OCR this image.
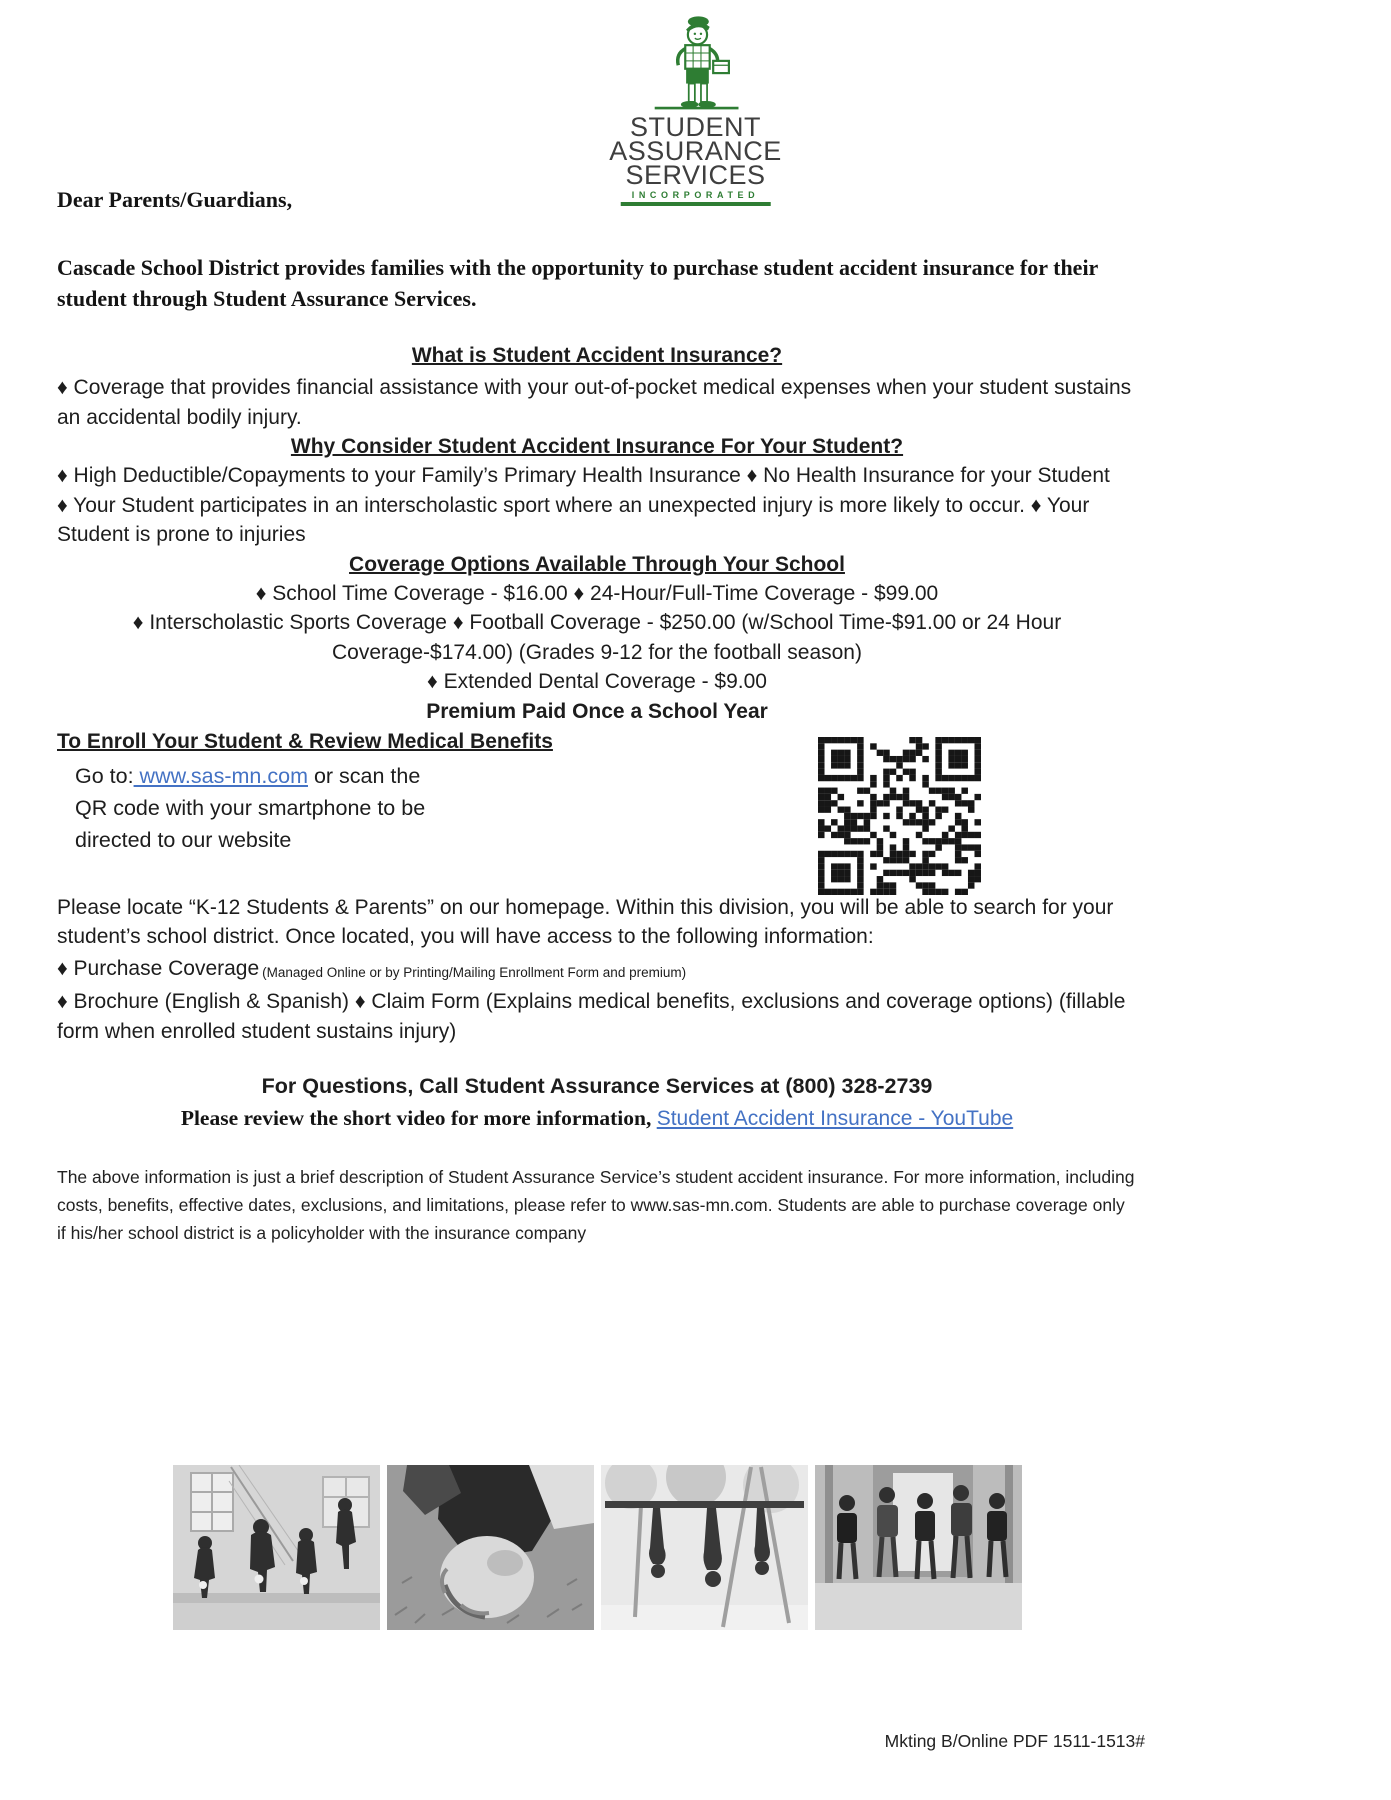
STUDENT
ASSURANCE
SERVICES
INCORPORATED

Dear Parents/Guardians,

Cascade School District provides families with the opportunity to purchase student accident insurance for their student through Student Assurance Services.

What is Student Accident Insurance?

♦ Coverage that provides financial assistance with your out-of-pocket medical expenses when your student sustains an accidental bodily injury.

Why Consider Student Accident Insurance For Your Student?

♦ High Deductible/Copayments to your Family’s Primary Health Insurance ♦ No Health Insurance for your Student

♦ Your Student participates in an interscholastic sport where an unexpected injury is more likely to occur. ♦ Your Student is prone to injuries

Coverage Options Available Through Your School

♦ School Time Coverage - $16.00 ♦ 24-Hour/Full-Time Coverage - $99.00

♦ Interscholastic Sports Coverage ♦ Football Coverage - $250.00 (w/School Time-$91.00 or 24 Hour Coverage-$174.00) (Grades 9-12 for the football season)

♦ Extended Dental Coverage - $9.00

Premium Paid Once a School Year

To Enroll Your Student & Review Medical Benefits

Go to: www.sas-mn.com or scan the
QR code with your smartphone to be
directed to our website

Please locate “K-12 Students & Parents” on our homepage. Within this division, you will be able to search for your student’s school district. Once located, you will have access to the following information:

♦ Purchase Coverage (Managed Online or by Printing/Mailing Enrollment Form and premium)

♦ Brochure (English & Spanish) ♦ Claim Form (Explains medical benefits, exclusions and coverage options) (fillable form when enrolled student sustains injury)

For Questions, Call Student Assurance Services at (800) 328-2739

Please review the short video for more information, Student Accident Insurance - YouTube

The above information is just a brief description of Student Assurance Service’s student accident insurance. For more information, including costs, benefits, effective dates, exclusions, and limitations, please refer to www.sas-mn.com. Students are able to purchase coverage only if his/her school district is a policyholder with the insurance company

Mkting B/Online PDF 1511-1513#
